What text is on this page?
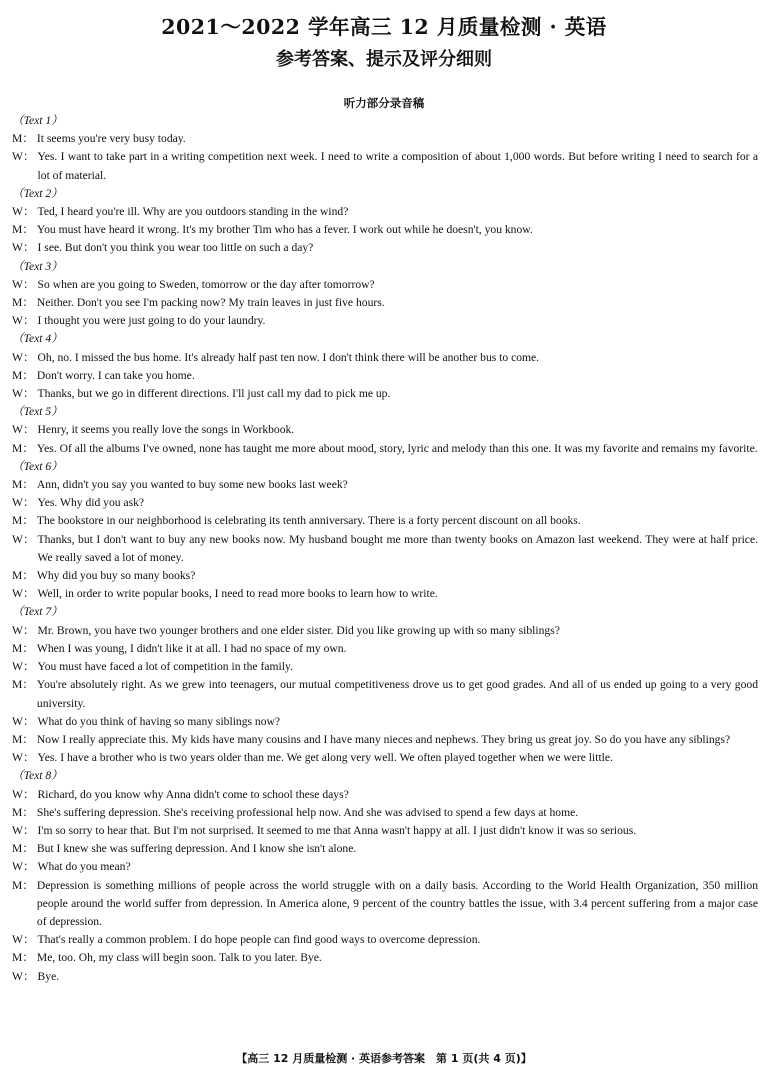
2021～2022 学年高三 12 月质量检测 · 英语
参考答案、提示及评分细则
听力部分录音稿
（Text 1）
M： It seems you're very busy today.
W： Yes. I want to take part in a writing competition next week. I need to write a composition of about 1,000 words. But before writing I need to search for a lot of material.
（Text 2）
W： Ted, I heard you're ill. Why are you outdoors standing in the wind?
M： You must have heard it wrong. It's my brother Tim who has a fever. I work out while he doesn't, you know.
W： I see. But don't you think you wear too little on such a day?
（Text 3）
W： So when are you going to Sweden, tomorrow or the day after tomorrow?
M： Neither. Don't you see I'm packing now? My train leaves in just five hours.
W： I thought you were just going to do your laundry.
（Text 4）
W： Oh, no. I missed the bus home. It's already half past ten now. I don't think there will be another bus to come.
M： Don't worry. I can take you home.
W： Thanks, but we go in different directions. I'll just call my dad to pick me up.
（Text 5）
W： Henry, it seems you really love the songs in Workbook.
M： Yes. Of all the albums I've owned, none has taught me more about mood, story, lyric and melody than this one. It was my favorite and remains my favorite.
（Text 6）
M： Ann, didn't you say you wanted to buy some new books last week?
W： Yes. Why did you ask?
M： The bookstore in our neighborhood is celebrating its tenth anniversary. There is a forty percent discount on all books.
W： Thanks, but I don't want to buy any new books now. My husband bought me more than twenty books on Amazon last weekend. They were at half price. We really saved a lot of money.
M： Why did you buy so many books?
W： Well, in order to write popular books, I need to read more books to learn how to write.
（Text 7）
W： Mr. Brown, you have two younger brothers and one elder sister. Did you like growing up with so many siblings?
M： When I was young, I didn't like it at all. I had no space of my own.
W： You must have faced a lot of competition in the family.
M： You're absolutely right. As we grew into teenagers, our mutual competitiveness drove us to get good grades. And all of us ended up going to a very good university.
W： What do you think of having so many siblings now?
M： Now I really appreciate this. My kids have many cousins and I have many nieces and nephews. They bring us great joy. So do you have any siblings?
W： Yes. I have a brother who is two years older than me. We get along very well. We often played together when we were little.
（Text 8）
W： Richard, do you know why Anna didn't come to school these days?
M： She's suffering depression. She's receiving professional help now. And she was advised to spend a few days at home.
W： I'm so sorry to hear that. But I'm not surprised. It seemed to me that Anna wasn't happy at all. I just didn't know it was so serious.
M： But I knew she was suffering depression. And I know she isn't alone.
W： What do you mean?
M： Depression is something millions of people across the world struggle with on a daily basis. According to the World Health Organization, 350 million people around the world suffer from depression. In America alone, 9 percent of the country battles the issue, with 3.4 percent suffering from a major case of depression.
W： That's really a common problem. I do hope people can find good ways to overcome depression.
M： Me, too. Oh, my class will begin soon. Talk to you later. Bye.
W： Bye.
【高三 12 月质量检测 · 英语参考答案　第 1 页(共 4 页)】
